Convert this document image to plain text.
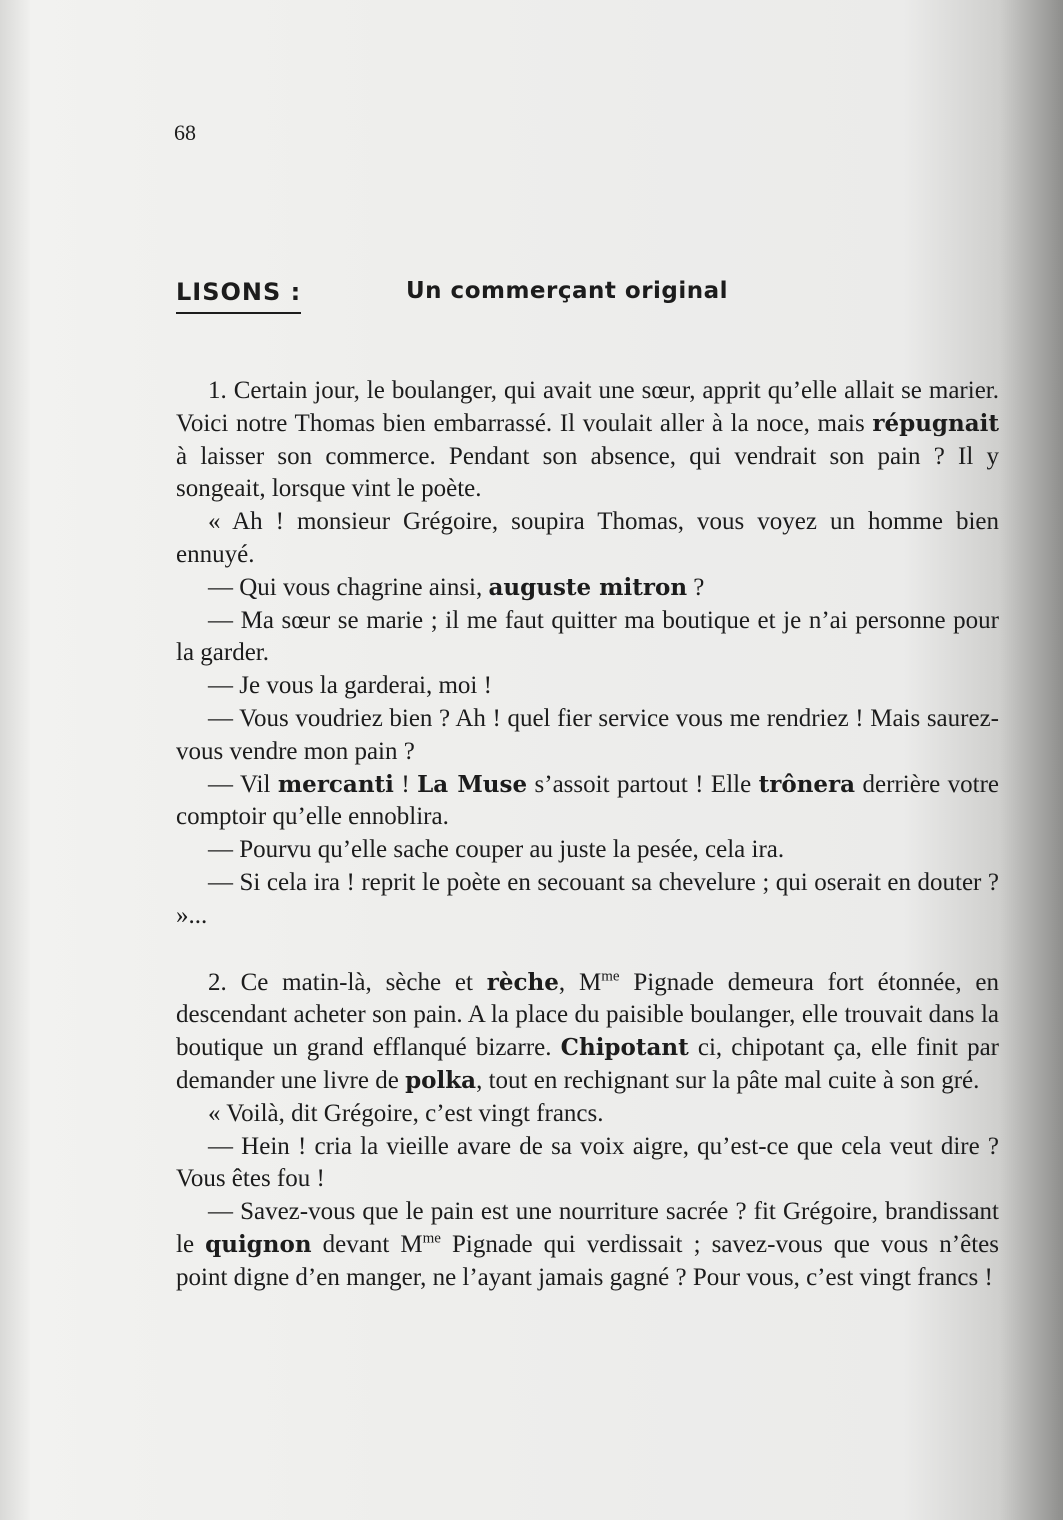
68
LISONS :	Un commerçant original

1. Certain jour, le boulanger, qui avait une sœur, apprit qu’elle allait se marier. Voici notre Thomas bien embarrassé. Il voulait aller à la noce, mais répugnait à laisser son commerce. Pendant son absence, qui vendrait son pain ? Il y songeait, lorsque vint le poète.

« Ah ! monsieur Grégoire, soupira Thomas, vous voyez un homme bien ennuyé.

— Qui vous chagrine ainsi, auguste mitron ?

— Ma sœur se marie ; il me faut quitter ma boutique et je n’ai personne pour la garder.

— Je vous la garderai, moi !

— Vous voudriez bien ? Ah ! quel fier service vous me rendriez ! Mais saurez-vous vendre mon pain ?

— Vil mercanti ! La Muse s’assoit partout ! Elle trônera derrière votre comptoir qu’elle ennoblira.

— Pourvu qu’elle sache couper au juste la pesée, cela ira.

— Si cela ira ! reprit le poète en secouant sa chevelure ; qui oserait en douter ? »...

2. Ce matin-là, sèche et rèche, $M^{me}$ Pignade demeura fort étonnée, en descendant acheter son pain. A la place du paisible boulanger, elle trouvait dans la boutique un grand efflanqué bizarre. Chipotant ci, chipotant ça, elle finit par demander une livre de polka, tout en rechignant sur la pâte mal cuite à son gré.

« Voilà, dit Grégoire, c’est vingt francs.

— Hein ! cria la vieille avare de sa voix aigre, qu’est-ce que cela veut dire ? Vous êtes fou !

— Savez-vous que le pain est une nourriture sacrée ? fit Grégoire, brandissant le quignon devant $M^{me}$ Pignade qui verdissait ; savez-vous que vous n’êtes point digne d’en manger, ne l’ayant jamais gagné ? Pour vous, c’est vingt francs !
